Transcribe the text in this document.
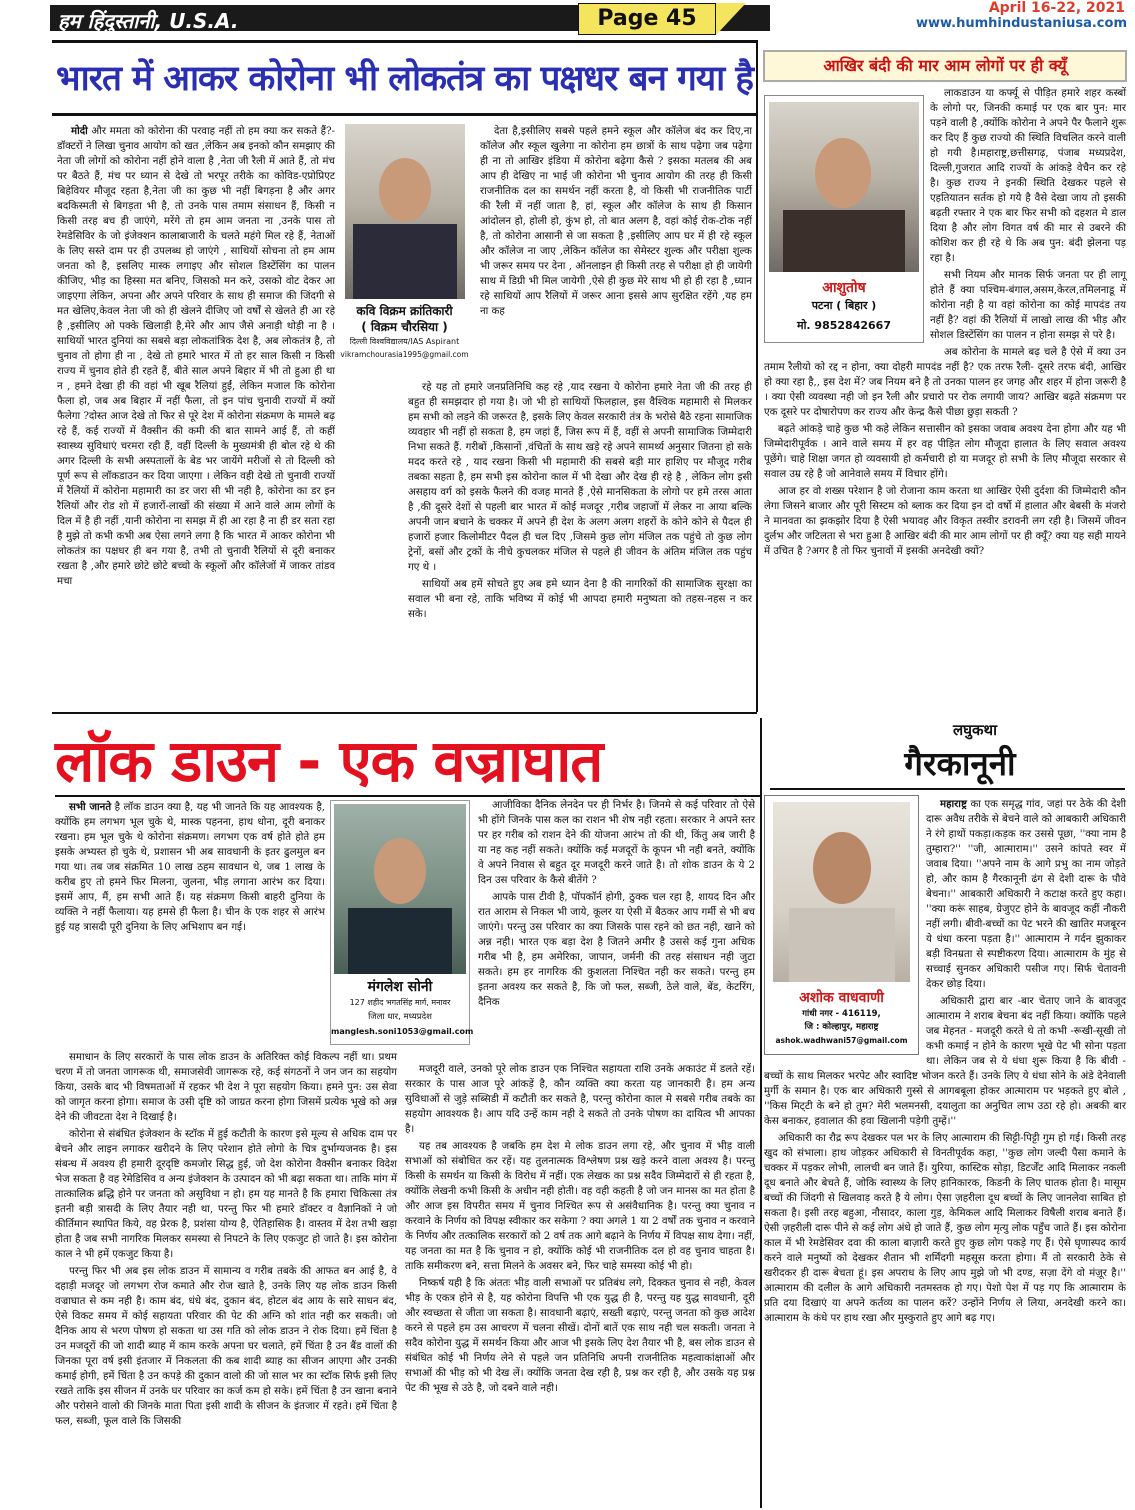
हम हिंदुस्तानी, U.S.A.	Page 45	April 16-22, 2021
www.humhindustaniusa.com
भारत में आकर कोरोना भी लोकतंत्र का पक्षधर बन गया है

मोदी और ममता को कोरोना की परवाह नहीं तो हम क्या कर सकते हैं?- डॉक्टरों ने लिखा चुनाव आयोग को खत ,लेकिन अब इनको कौन समझाए की नेता जी लोगों को कोरोना नहीं होने वाला है ,नेता जी रैली में आते हैं, तो मंच पर बैठते हैं, मंच पर ध्यान से देखे तो भरपूर तरीके का कोविड-एप्रोप्रिएट बिहेवियर मौजूद रहता है,नेता जी का कुछ भी नहीं बिगड़ना है और अगर बदकिस्मती से बिगड़ता भी है, तो उनके पास तमाम संसाधन हैं, किसी न किसी तरह बच ही जाएंगे, मरेंगे तो हम आम जनता ना ,उनके पास तो रेमडेसिविर के जो इंजेक्शन कालाबाजारी के चलते महंगे मिल रहे हैं, नेताओं के लिए सस्ते दाम पर ही उपलब्ध हो जाएंगे , साथियों सोचना तो हम आम जनता को है, इसलिए मास्क लगाइए और सोशल डिस्टेंसिंग का पालन कीजिए, भीड़ का हिस्सा मत बनिए, जिसको मन करे, उसको वोट देकर आ जाइएगा लेकिन, अपना और अपने परिवार के साथ ही समाज की जिंदगी से मत खेलिए,केवल नेता जी को ही खेलने दीजिए जो वर्षों से खेलते ही आ रहे है ,इसीलिए ओ पक्के खिलाड़ी है,मेरे और आप जैसे अनाड़ी थोड़ी ना है ।साथियों भारत दुनियां का सबसे बड़ा लोकतांत्रिक देश है, अब लोकतंत्र है, तो चुनाव तो होगा ही ना , देखे तो हमारे भारत में तो हर साल किसी न किसी राज्य में चुनाव होते ही रहते हैं, बीते साल अपने बिहार में भी तो हुआ ही था न , हमने देखा ही की वहां भी खूब रैलियां हुईं, लेकिन मजाल कि कोरोना फैला हो, जब अब बिहार में नहीं फैला, तो इन पांच चुनावी राज्यों में क्यों फैलेगा ?दोस्त आज देखे तो फिर से पूरे देश में कोरोना संक्रमण के मामले बढ़ रहे हैं, कई राज्यों में वैक्सीन की कमी की बात सामने आई हैं, तो कहीं स्वास्थ्य सुविधाएं चरमरा रही हैं, वहीं दिल्ली के मुख्यमंत्री ही बोल रहे थे की अगर दिल्ली के सभी अस्पतालों के बेड भर जायेंगे मरीजों से तो दिल्ली को पूर्ण रूप से लॉकडाउन कर दिया जाएगा । लेकिन वही देखे तो चुनावी राज्यों में रैलियों में कोरोना महामारी का डर जरा सी भी नही है, कोरोना का डर इन रैलियों और रोड शो में हजारों-लाखों की संख्या में आने वाले आम लोगों के दिल में है ही नहीं ,यानी कोरोना ना समझ में ही आ रहा है ना ही डर सता रहा है मुझे तो कभी कभी अब ऐसा लगने लगा है कि भारत में आकर कोरोना भी लोकतंत्र का पक्षधर ही बन गया है, तभी तो चुनावी रैलियों से दूरी बनाकर रखता है ,और हमारे छोटे छोटे बच्चो के स्कूलों और कॉलेजों में जाकर तांडव मचा

कवि विक्रम क्रांतिकारी
( विक्रम चौरसिया )
दिल्ली विश्वविद्यालय/IAS Aspirant
vikramchourasia1995@gmail.com

देता है,इसीलिए सबसे पहले हमने स्कूल और कॉलेज बंद कर दिए,ना कॉलेज और स्कूल खुलेगा ना कोरोना हम छात्रों के साथ पढ़ेगा जब पढ़ेगा ही ना तो आखिर इंडिया में कोरोना बढ़ेगा कैसे ? इसका मतलब की अब आप ही देखिए ना भाई जी कोरोना भी चुनाव आयोग की तरह ही किसी राजनीतिक दल का समर्थन नहीं करता है, वो किसी भी राजनीतिक पार्टी की रैली में नहीं जाता है, हां, स्कूल और कॉलेज के साथ ही किसान आंदोलन हो, होली हो, कुंभ हो, तो बात अलग है, वहां कोई रोक-टोक नहीं है, तो कोरोना आसानी से जा सकता है ,इसीलिए आप घर में ही रहे स्कूल और कॉलेज ना जाए ,लेकिन कॉलेज का सेमेस्टर शुल्क और परीक्षा शुल्क भी जरूर समय पर देना , ऑनलाइन ही किसी तरह से परीक्षा हो ही जायेगी साथ में डिग्री भी मिल जायेगी ,ऐसे ही कुछ मेरे साथ भी हो ही रहा है ,ध्यान रहे साथियों आप रैलियों में जरूर आना इससे आप सुरक्षित रहेंगे ,यह हम ना कह

रहे यह तो हमारे जनप्रतिनिधि कह रहे ,याद रखना ये कोरोना हमारे नेता जी की तरह ही बहुत ही समझदार हो गया है। जो भी हो साथियों फिलहाल, इस वैश्विक महामारी से मिलकर हम सभी को लड़ने की जरूरत है, इसके लिए केवल सरकारी तंत्र के भरोसे बैठे रहना सामाजिक व्यवहार भी नहीं हो सकता है, हम जहां हैं, जिस रूप में हैं, वहीं से अपनी सामाजिक जिम्मेदारी निभा सकते हैं. गरीबों ,किसानों ,वंचितों के साथ खड़े रहे अपने सामर्थ्य अनुसार जितना हो सके मदद करते रहे , याद रखना किसी भी महामारी की सबसे बड़ी मार हाशिए पर मौजूद गरीब तबका सहता है, हम सभी इस कोरोना काल में भी देखा और देख ही रहे है , लेकिन लोग इसी असहाय वर्ग को इसके फैलने की वजह मानते हैं ,ऐसे मानसिकता के लोगो पर हमे तरस आता है ,की दूसरे देशों से पहली बार भारत में कोई मजदूर ,गरीब जहाजों में लेकर ना आया बल्कि अपनी जान बचाने के चक्कर में अपने ही देश के अलग अलग शहरों के कोने कोने से पैदल ही हजारों हजार किलोमीटर पैदल ही चल दिए ,जिसमे कुछ लोग मंजिल तक पहुंचे तो कुछ लोग ट्रेनों, बसों और ट्रकों के नीचे कुचलकर मंजिल से पहले ही जीवन के अंतिम मंजिल तक पहुंच गए थे ।

साथियों अब हमें सोचते हुए अब हमे ध्यान देना है की नागरिकों की सामाजिक सुरक्षा का सवाल भी बना रहे, ताकि भविष्य में कोई भी आपदा हमारी मनुष्यता को तहस-नहस न कर सके।

आखिर बंदी की मार आम लोगों पर ही क्यूँ
आशुतोष
पटना ( बिहार )
मो. 9852842667

लाकडाउन या कर्फ्यू से पीड़ित हमारे शहर कस्बों के लोगो पर, जिनकी कमाई पर एक बार पुन: मार पड़ने वाली है ,क्योंकि कोरोना ने अपने पैर फैलाने शुरू कर दिए हैं कुछ राज्यो की स्थिति विचलित करने वाली हो गयी है।महाराष्ट्र,छत्तीसगढ़, पंजाब मध्यप्रदेश, दिल्ली,गुजरात आदि राज्यों के आंकड़े वेचैन कर रहे है। कुछ राज्य ने इनकी स्थिति देखकर पहले से एहतियातन सर्तक हो गये है वैसे देखा जाय तो इसकी बढ़ती रफ्तार ने एक बार फिर सभी को दहशत मे डाल दिया है और लोग विगत वर्ष की मार से उबरने की कोशिश कर ही रहे थे कि अब पुन: बंदी झेलना पड़ रहा है।

सभी नियम और मानक सिर्फ जनता पर ही लागू होते हैं क्या पश्चिम-बंगाल,असम,केरल,तमिलनाडू में कोरोना नही है या वहां कोरोना का कोई मापदंड तय नहीं है? वहां की रैलियों में लाखो लाख की भीड़ और सोशल डिस्टेंसिंग का पालन न होना समझ से परे है।

अब कोरोना के मामले बढ़ चले है ऐसे में क्या उन तमाम रैलीयो को रद्द न होना, क्या दोहरी मापदंड नहीं है? एक तरफ रैली- दूसरे तरफ बंदी, आखिर हो क्या रहा है,, इस देश में? जब नियम बने है तो उनका पालन हर जगह और शहर में होना जरूरी है । क्या ऐसी व्यवस्था नही जो इन रैली और प्रचारो पर रोक लगायी जाय? आखिर बढ़ते संक्रमण पर एक दूसरे पर दोषारोपण कर राज्य और केन्द्र कैसे पीछा छुड़ा सकती ?

बढ़ते आंकड़े चाहे कुछ भी कहे लेकिन सत्तासीन को इसका जवाब अवश्य देना होगा और यह भी जिम्मेदारीपूर्वक । आने वाले समय में हर वह पीड़ित लोग मौजूदा हालात के लिए सवाल अवश्य पूछेंगे। चाहे शिक्षा जगत हो व्यवसायी हो कर्मचारी हो या मजदूर हो सभी के लिए मौजूदा सरकार से सवाल उम्र रहे है जो आनेवाले समय में विचार होंगे।

आज हर वो शख्स परेशान है जो रोजाना काम करता था आखिर ऐसी दुर्दशा की जिम्मेदारी कौन लेगा जिसने बाजार और पूरी सिस्टम को ब्लाक कर दिया इन दो वर्षो में हालात और बेबसी के मंजरो ने मानवता का झकझोर दिया है ऐसी भयावह और विकृत तस्वीर डरावनी लग रही है। जिसमें जीवन दुर्लभ और जटिलता से भरा हुआ है आखिर बंदी की मार आम लोगों पर ही क्यूँ? क्या यह सही मायने में उचित है ?अगर है तो फिर चुनावों में इसकी अनदेखी क्यों?

लॉक डाउन - एक वज्राघात
मंगलेश सोनी
127 शहीद भगतसिंह मार्ग, मनावर
जिला धार, मध्यप्रदेश
manglesh.soni1053@gmail.com

सभी जानते है लॉक डाउन क्या है, यह भी जानते कि यह आवश्यक है, क्योंकि हम लगभग भूल चुके थे, मास्क पहनना, हाथ धोना, दूरी बनाकर रखना। हम भूल चुके थे कोरोना संक्रमण। लगभग एक वर्ष होते होते हम इसके अभ्यस्त हो चुके थे, प्रशासन भी अब सावधानी के इतर ढुलमुल बन गया था। तब जब संक्रमित 10 लाख ठहम सावधान थे, जब 1 लाख के करीब हुए तो हमने फिर मिलना, जुलना, भीड़ लगाना आरंभ कर दिया। इसमें आप, मैं, हम सभी आते हैं। यह संक्रमण किसी बाहरी दुनिया के व्यक्ति ने नहीं फैलाया। यह हमसे ही फैला है। चीन के एक शहर से आरंभ हुई यह त्रासदी पूरी दुनिया के लिए अभिशाप बन गई।

समाधान के लिए सरकारों के पास लोक डाउन के अतिरिक्त कोई विकल्प नहीं था। प्रथम चरण में तो जनता जागरूक थी, समाजसेवी जागरूक रहे, कई संगठनों ने जन जन का सहयोग किया, उसके बाद भी विषमताओं में रहकर भी देश ने पूरा सहयोग किया। हमने पुन: उस सेवा को जागृत करना होगा। समाज के उसी दृष्टि को जाग्रत करना होगा जिसमें प्रत्येक भूखे को अन्न देने की जीवटता देश ने दिखाई है।

कोरोना से संबंधित इंजेक्शन के स्टॉक में हुई कटौती के कारण इसे मूल्य से अधिक दाम पर बेचने और लाइन लगाकर खरीदने के लिए परेशान होते लोगो के चित्र दुर्भाग्यजनक है। इस संबन्ध में अवश्य ही हमारी दूरदृष्टि कमजोर सिद्ध हुई, जो देश कोरोना वैक्सीन बनाकर विदेश भेज सकता है वह रेमेडिसिव व अन्य इंजेक्शन के उत्पादन को भी बढ़ा सकता था। ताकि मांग में तात्कालिक ब्रद्धि होने पर जनता को असुविधा न हो। हम यह मानते है कि हमारा चिकित्सा तंत्र इतनी बड़ी त्रासदी के लिए तैयार नही था, परन्तु फिर भी हमारे डॉक्टर व वैज्ञानिकों ने जो कीर्तिमान स्थापित किये, वह प्रेरक है, प्रशंसा योग्य है, ऐतिहासिक है। वास्तव में देश तभी खड़ा होता है जब सभी नागरिक मिलकर समस्या से निपटने के लिए एकजुट हो जाते है। इस कोरोना काल ने भी हमें एकजुट किया है।

परन्तु फिर भी अब इस लोक डाउन में सामान्य व गरीब तबके की आफत बन आई है, वे दहाड़ी मजदूर जो लगभग रोज कमाते और रोज खाते है, उनके लिए यह लोक डाउन किसी वज्राघात से कम नही है। काम बंद, धंधे बंद, दुकान बंद, होटल बंद आय के सारे साधन बंद, ऐसे विकट समय में कोई सहायता परिवार की पेट की अग्नि को शांत नही कर सकती। जो दैनिक आय से भरण पोषण हो सकता था उस गति को लोक डाउन ने रोक दिया। हमें चिंता है उन मजदूरों की जो शादी ब्याह में काम करके अपना घर चलाते, हमें चिंता है उन बैंड वालों की जिनका पूरा वर्ष इसी इंतजार में निकलता की कब शादी ब्याह का सीजन आएगा और उनकी कमाई होगी, हमें चिंता है उन कपड़े की दुकान वालो की जो साल भर का स्टॉक सिर्फ इसी लिए रखते ताकि इस सीजन में उनके घर परिवार का कर्ज कम हो सके। हमें चिंता है उन खाना बनाने और परोसने वालो की जिनके माता पिता इसी शादी के सीजन के इंतजार में रहते। हमें चिंता है फल, सब्जी, फूल वाले कि जिसकी

आजीविका दैनिक लेनदेन पर ही निर्भर है। जिनमे से कई परिवार तो ऐसे भी होंगे जिनके पास कल का राशन भी शेष नही रहता। सरकार ने अपने स्तर पर हर गरीब को राशन देने की योजना आरंभ तो की थी, किंतु अब जारी है या नह कह नहीं सकते। क्योंकि कई मजदूरों के कूपन भी नही बनते, क्योंकि वे अपने निवास से बहुत दूर मजदूरी करने जाते है। तो शोक डाउन के ये 2 दिन उस परिवार के कैसे बीतेंगे ?

आपके पास टीवी है, पॉपकॉर्न होगी, ठुक्क चल रहा है, शायद दिन और रात आराम से निकल भी जाये, कूलर या ऐसी में बैठकर आप गर्मी से भी बच जाएंगे। परन्तु उस परिवार का क्या जिसके पास रहने को छत नही, खाने को अन्न नही। भारत एक बड़ा देश है जितने अमीर है उससे कई गुना अधिक गरीब भी है, हम अमेरिका, जापान, जर्मनी की तरह संसाधन नही जुटा सकते। हम हर नागरिक की कुशलता निश्चित नही कर सकते। परन्तु हम इतना अवश्य कर सकते है, कि जो फल, सब्जी, ठेले वाले, बेंड, केटरिंग, दैनिक

मजदूरी वाले, उनको पूरे लोक डाउन एक निश्चित सहायता राशि उनके अकाउंट में डलते रहें। सरकार के पास आज पूरे आंकड़ें है, कौन व्यक्ति क्या करता यह जानकारी है। हम अन्य सुविधाओं से जुड़े सब्सिडी में कटौती कर सकते है, परन्तु कोरोना काल मे सबसे गरीब तबके का सहयोग आवश्यक है। आप यदि उन्हें काम नही दे सकते तो उनके पोषण का दायित्व भी आपका है।

यह तब आवश्यक है जबकि हम देश मे लोक डाउन लगा रहे, और चुनाव में भीड़ वाली सभाओं को संबोधित कर रहें। यह तुलनात्मक विश्लेषण प्रश्न खड़े करने वाला अवश्य है। परन्तु किसी के समर्थन या किसी के विरोध में नहीं। एक लेखक का प्रश्न सदैव जिम्मेदारों से ही रहता है, क्योंकि लेखनी कभी किसी के अधीन नही होती। वह वही कहती है जो जन मानस का मत होता है और आज इस विपरीत समय में चुनाव निश्चित रूप से असंवैधानिक है। परन्तु क्या चुनाव न करवाने के निर्णय को विपक्ष स्वीकार कर सकेगा ? क्या अगले 1 या 2 वर्षों तक चुनाव न करवाने के निर्णय और तत्कालिक सरकारों को 2 वर्ष तक आगे बढ़ाने के निर्णय में विपक्ष साथ देगा। नहीं, यह जनता का मत है कि चुनाव न हो, क्योंकि कोई भी राजनीतिक दल हो वह चुनाव चाहता है। ताकि समीकरण बने, सत्ता मिलने के अवसर बने, फिर चाहे समस्या कोई भी हो।

निष्कर्ष यही है कि अंततः भीड़ वाली सभाओं पर प्रतिबंध लगे, दिक्कत चुनाव से नही, केवल भीड़ के एकत्र होने से है, यह कोरोना विपत्ति भी एक युद्ध ही है, परन्तु यह युद्ध सावधानी, दूरी और स्वच्छता से जीता जा सकता है। सावधानी बढ़ाएं, सख्ती बढ़ाएं, परन्तु जनता को कुछ आदेश करने से पहले हम उस आचरण में चलना सीखें। दोनों बातें एक साथ नही चल सकती। जनता ने सदैव कोरोना युद्ध में समर्थन किया और आज भी इसके लिए देश तैयार भी है, बस लोक डाउन से संबंधित कोई भी निर्णय लेने से पहले जन प्रतिनिधि अपनी राजनीतिक महत्वाकांक्षाओं और सभाओं की भीड़ को भी देख लें। क्योंकि जनता देख रही है, प्रश्न कर रही है, और उसके यह प्रश्न पेट की भूख से उठे है, जो दबने वाले नही।

लघुकथा
गैरकानूनी
अशोक वाधवाणी
गांधी नगर - 416119,
जि : कोल्हापुर, महाराष्ट्र
ashok.wadhwani57@gmail.com

महाराष्ट्र का एक समृद्ध गांव, जहां पर ठेके की देशी दारू अवैध तरीके से बेचने वाले को आबकारी अधिकारी ने रंगे हाथों पकड़ा।कड़क कर उससे पूछा, ''क्या नाम है तुम्हारा?'' ''जी, आत्माराम।'' उसने कांपते स्वर में जवाब दिया। ''अपने नाम के आगे प्रभु का नाम जोड़ते हो, और काम है गैरकानूनी ढंग से देशी दारू के पौवे बेचना।'' आबकारी अधिकारी ने कटाक्ष करते हुए कहा। ''क्या करूं साहब, ग्रेजुएट होने के बावजूद कहीं नौकरी नहीं लगी। बीवी-बच्चों का पेट भरने की खातिर मजबूरन ये धंधा करना पड़ता है।'' आत्माराम ने गर्दन झुकाकर बड़ी विनम्रता से स्पष्टीकरण दिया। आत्माराम के मुंह से सच्चाई सुनकर अधिकारी पसीज गए। सिर्फ चेतावनी देकर छोड़ दिया।

अधिकारी द्वारा बार -बार चेताए जाने के बावजूद आत्माराम ने शराब बेचना बंद नहीं किया। क्योंकि पहले जब मेहनत - मजदूरी करते थे तो कभी -रूखी-सूखी तो कभी कमाई न होने के कारण भूखे पेट भी सोना पड़ता था। लेकिन जब से ये धंधा शुरू किया है कि बीवी - बच्चों के साथ मिलकर भरपेट और स्वादिष्ट भोजन करते हैं। उनके लिए ये धंधा सोने के अंडे देनेवाली मुर्गी के समान है। एक बार अधिकारी गुस्से से आगबबूला होकर आत्माराम पर भड़कते हुए बोले , ''किस मिट्‌टी के बने हो तुम? मेरी भलमनसी, दयालुता का अनुचित लाभ उठा रहे हो। अबकी बार केस बनाकर, हवालात की हवा खिलानी पड़ेगी तुम्हें।''

अधिकारी का रौद्र रूप देखकर पल भर के लिए आत्माराम की सिट्टी-पिट्टी गुम हो गई। किसी तरह खुद को संभाला। हाथ जोड़कर अधिकारी से विनतीपूर्वक कहा, ''कुछ लोग जल्दी पैसा कमाने के चक्कर में पड़कर लोभी, लालची बन जाते हैं। युरिया, कास्टिक सोड़ा, डिटर्जेंट आदि मिलाकर नकली दूध बनाते और बेचते हैं, जोकि स्वास्थ्य के लिए हानिकारक, किडनी के लिए घातक होता है। मासूम बच्चों की जिंदगी से खिलवाड़ करते है ये लोग। ऐसा ज़हरीला दूध बच्चों के लिए जानलेवा साबित हो सकता है। इसी तरह बहुआ, नौसादर, काला गुड़, केमिकल आदि मिलाकर विषैली शराब बनाते हैं। ऐसी ज़हरीली दारू पीने से कई लोग अंधे हो जाते हैं, कुछ लोग मृत्यु लोक पहुँच जाते हैं। इस कोरोना काल में भी रेमडेसिवर दवा की काला बाज़ारी करते हुए कुछ लोग पकड़े गए हैं। ऐसे घृणास्पद कार्य करने वाले मनुष्यों को देखकर शैतान भी शर्मिंदगी महसूस करता होगा। मैं तो सरकारी ठेके से खरीदकर ही दारू बेचता हूं। इस अपराध के लिए आप मुझे जो भी दण्ड, सज़ा देंगे वो मंज़ूर है।'' आत्माराम की दलील के आगे अधिकारी नतमस्तक हो गए। पेशो पेश में पड़ गए कि आत्माराम के प्रति दया दिखाएं या अपने कर्तव्य का पालन करें? उन्होंने निर्णय ले लिया, अनदेखी करने का। आत्माराम के कंधे पर हाथ रखा और मुस्कुराते हुए आगे बढ़ गए।
